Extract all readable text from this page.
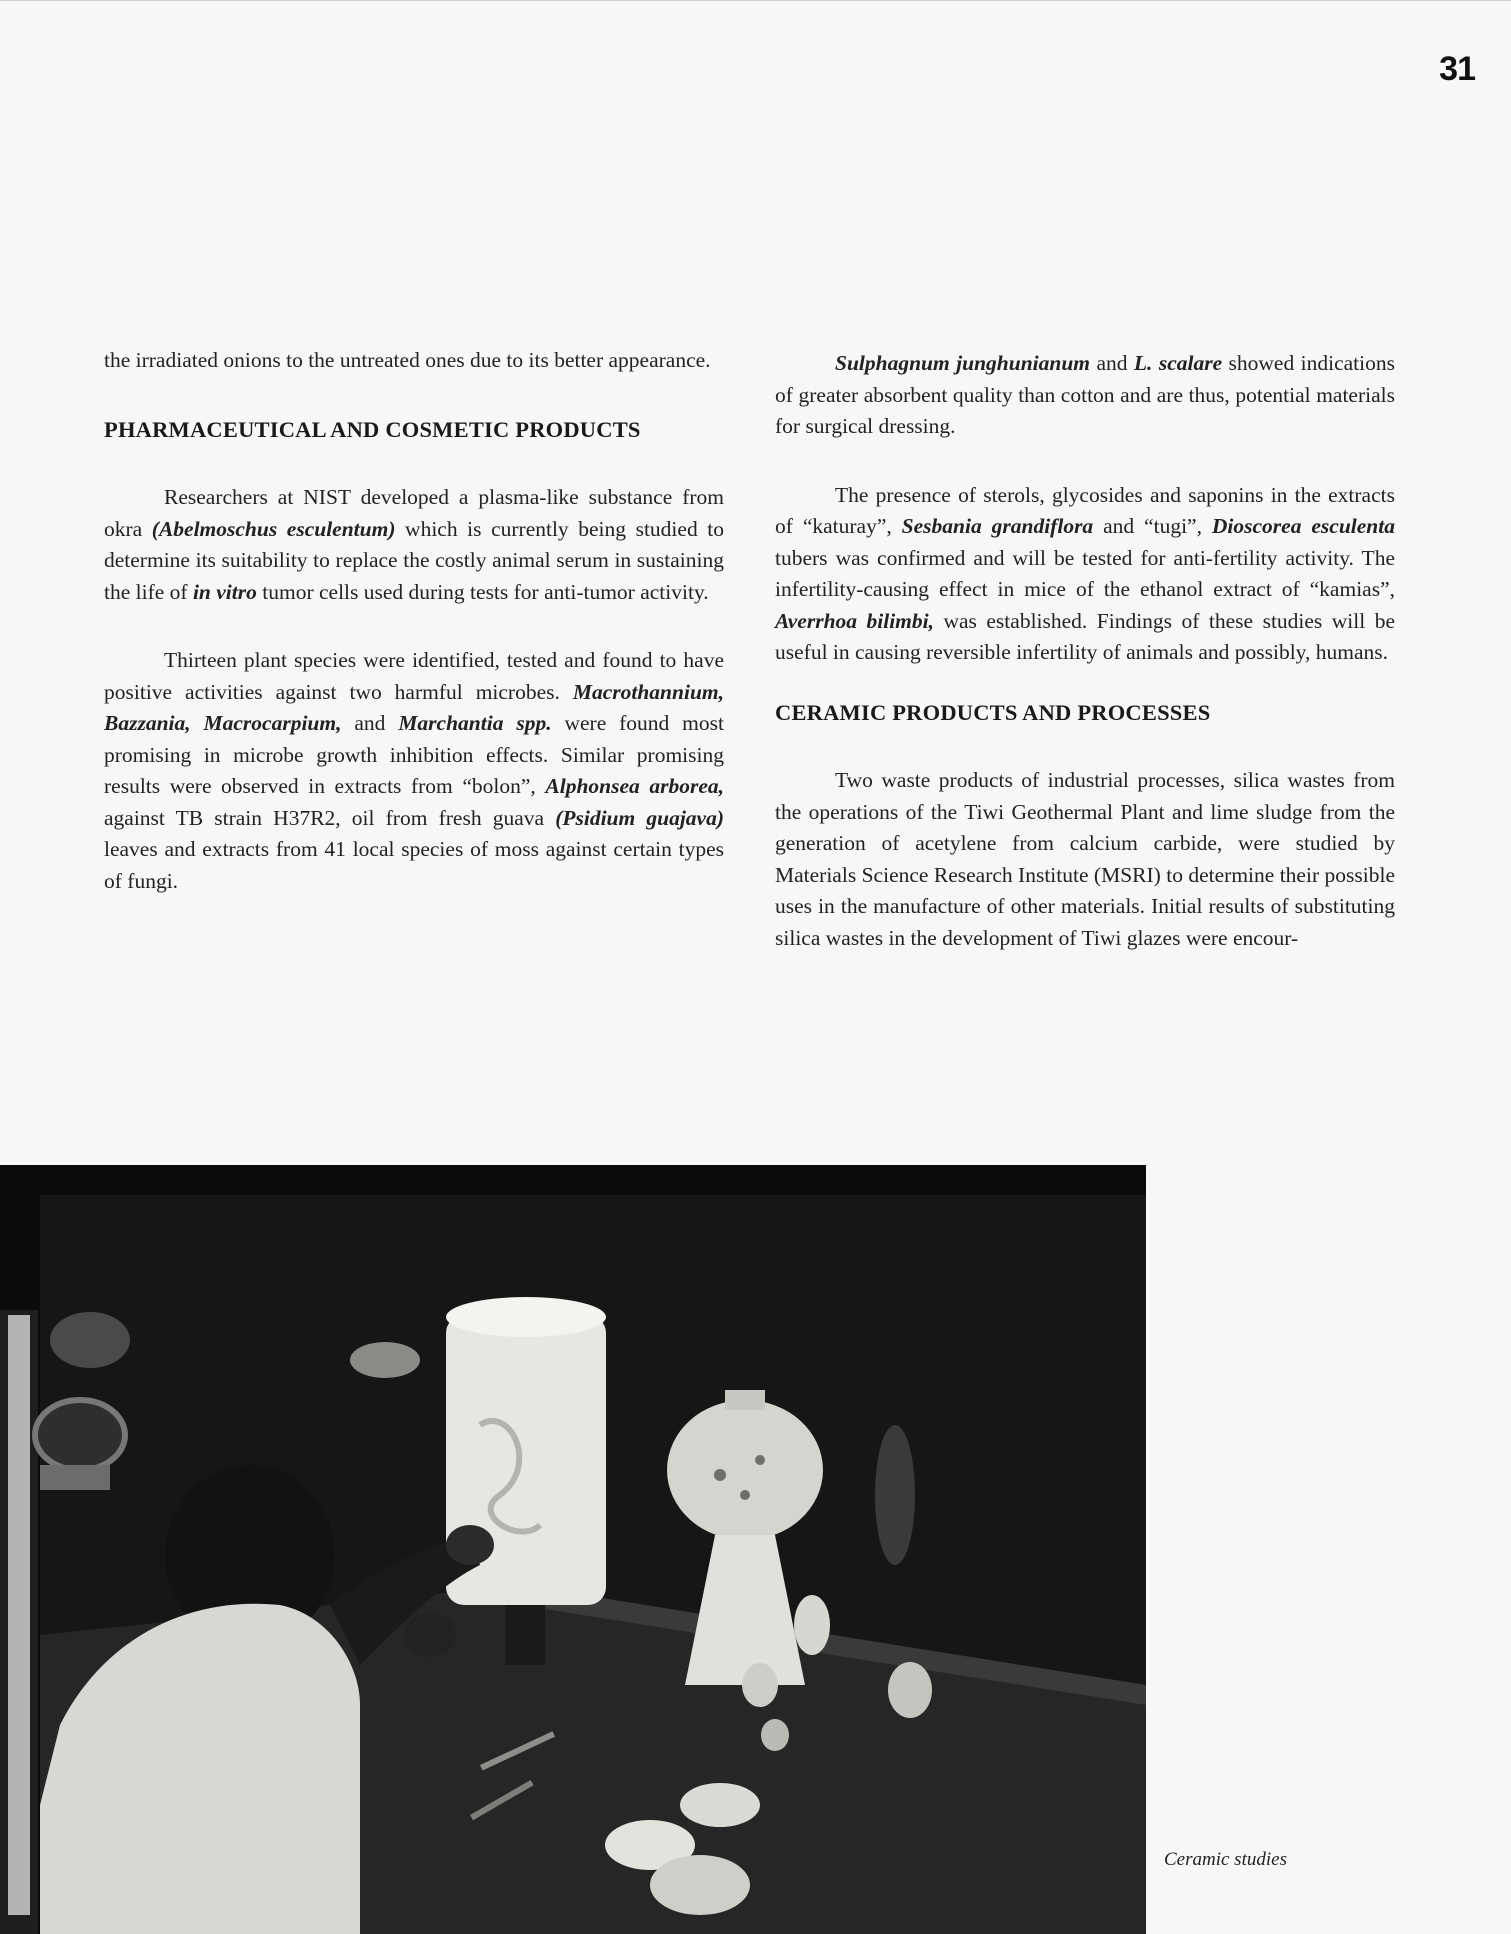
31

the irradiated onions to the untreated ones due to its better appearance.

PHARMACEUTICAL AND COSMETIC PRODUCTS

Researchers at NIST developed a plasma-like substance from okra (Abelmoschus esculentum) which is currently being studied to determine its suitability to replace the costly animal serum in sustaining the life of in vitro tumor cells used during tests for anti-tumor activity.

Thirteen plant species were identified, tested and found to have positive activities against two harmful microbes. Macrothannium, Bazzania, Macrocarpium, and Marchantia spp. were found most promising in microbe growth inhibition effects. Similar promising results were observed in extracts from “bolon”, Alphonsea arborea, against TB strain H37R2, oil from fresh guava (Psidium guajava) leaves and extracts from 41 local species of moss against certain types of fungi.

Sulphagnum junghunianum and L. scalare showed indications of greater absorbent quality than cotton and are thus, potential materials for surgical dressing.

The presence of sterols, glycosides and saponins in the extracts of “katuray”, Sesbania grandiflora and “tugi”, Dioscorea esculenta tubers was confirmed and will be tested for anti-fertility activity. The infertility-causing effect in mice of the ethanol extract of “kamias”, Averrhoa bilimbi, was established. Findings of these studies will be useful in causing reversible infertility of animals and possibly, humans.

CERAMIC PRODUCTS AND PROCESSES

Two waste products of industrial processes, silica wastes from the operations of the Tiwi Geothermal Plant and lime sludge from the generation of acetylene from calcium carbide, were studied by Materials Science Research Institute (MSRI) to determine their possible uses in the manufacture of other materials. Initial results of substituting silica wastes in the development of Tiwi glazes were encour-

Ceramic studies
